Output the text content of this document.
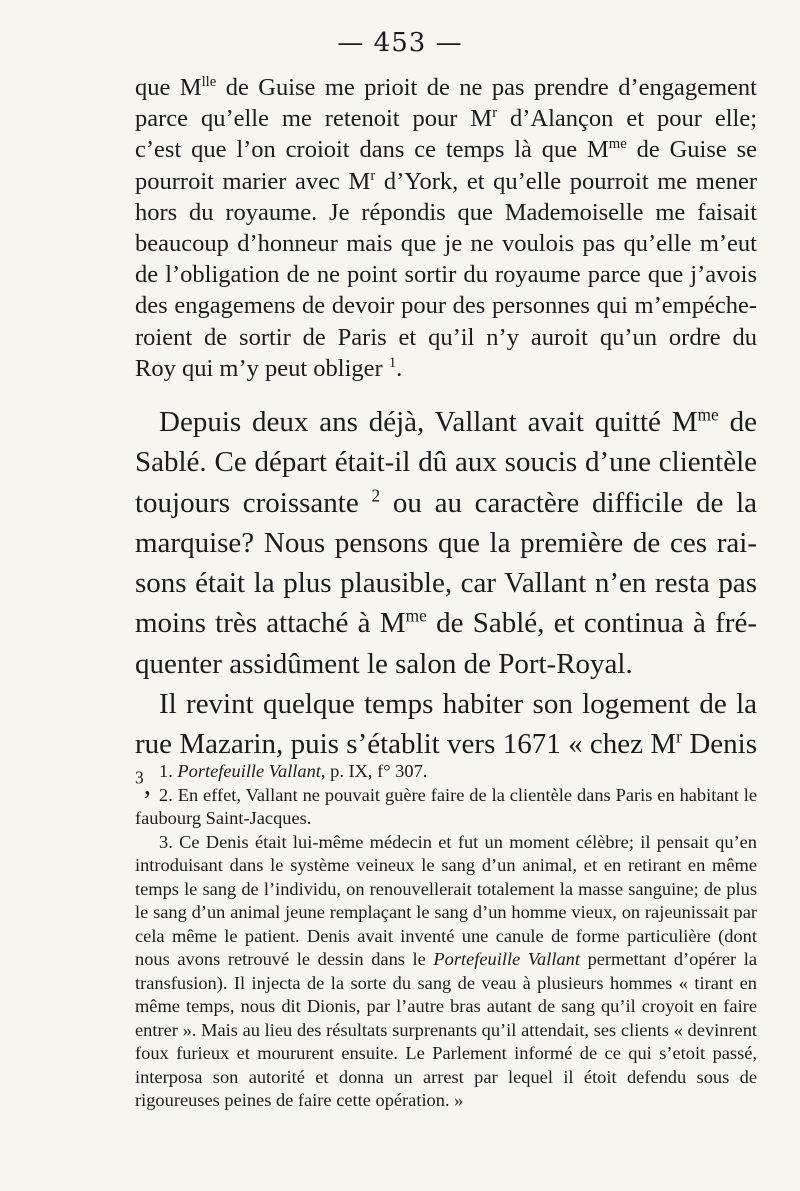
— 453 —
que $M^{lle}$ de Guise me prioit de ne pas prendre d’engagement
parce qu’elle me retenoit pour $M^r$ d’Alançon et pour elle;
c’est que l’on croioit dans ce temps là que $M^{me}$ de Guise se
pourroit marier avec $M^r$ d’York, et qu’elle pourroit me mener
hors du royaume. Je répondis que Mademoiselle me faisait
beaucoup d’honneur mais que je ne voulois pas qu’elle m’eut
de l’obligation de ne point sortir du royaume parce que j’avois
des engagemens de devoir pour des personnes qui m’empéche-
roient de sortir de Paris et qu’il n’y auroit qu’un ordre du
Roy qui m’y peut obliger $^1$.

Depuis deux ans déjà, Vallant avait quitté $M^{me}$ de
Sablé. Ce départ était-il dû aux soucis d’une clientèle
toujours croissante $^2$ ou au caractère difficile de la
marquise? Nous pensons que la première de ces rai-
sons était la plus plausible, car Vallant n’en resta pas
moins très attaché à $M^{me}$ de Sablé, et continua à fré-
quenter assidûment le salon de Port-Royal.

Il revint quelque temps habiter son logement de la
rue Mazarin, puis s’établit vers 1671 « chez $M^r$ Denis $^3$, 1. Portefeuille Vallant, p. IX, f° 307.

2. En effet, Vallant ne pouvait guère faire de la clientèle dans Paris en habitant le faubourg Saint-Jacques.

3. Ce Denis était lui-même médecin et fut un moment célèbre; il pensait qu’en introduisant dans le système veineux le sang d’un animal, et en retirant en même temps le sang de l’individu, on renouvellerait totalement la masse sanguine; de plus le sang d’un animal jeune remplaçant le sang d’un homme vieux, on rajeunissait par cela même le patient. Denis avait inventé une canule de forme particulière (dont nous avons retrouvé le dessin dans le Portefeuille Vallant permettant d’opérer la transfusion). Il injecta de la sorte du sang de veau à plusieurs hommes « tirant en même temps, nous dit Dionis, par l’autre bras autant de sang qu’il croyoit en faire entrer ». Mais au lieu des résultats surprenants qu’il attendait, ses clients « devinrent foux furieux et moururent ensuite. Le Parlement informé de ce qui s’etoit passé, interposa son autorité et donna un arrest par lequel il étoit defendu sous de rigoureuses peines de faire cette opération. »
